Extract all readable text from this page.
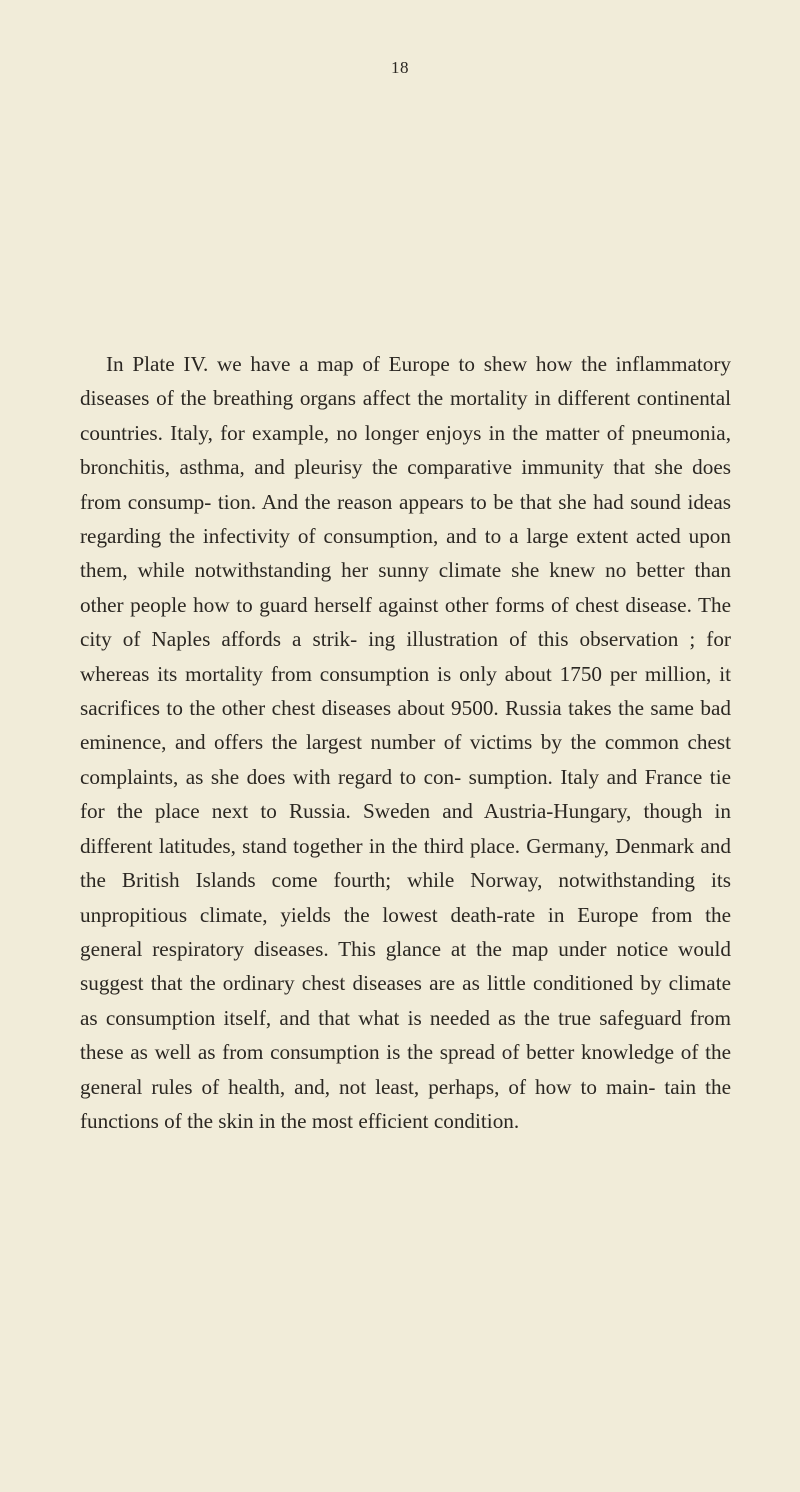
18

In Plate IV. we have a map of Europe to shew how the inflammatory diseases of the breathing organs affect the mortality in different continental countries. Italy, for example, no longer enjoys in the matter of pneumonia, bronchitis, asthma, and pleurisy the comparative immunity that she does from consump- tion. And the reason appears to be that she had sound ideas regarding the infectivity of consumption, and to a large extent acted upon them, while notwithstanding her sunny climate she knew no better than other people how to guard herself against other forms of chest disease. The city of Naples affords a strik- ing illustration of this observation ; for whereas its mortality from consumption is only about 1750 per million, it sacrifices to the other chest diseases about 9500. Russia takes the same bad eminence, and offers the largest number of victims by the common chest complaints, as she does with regard to con- sumption. Italy and France tie for the place next to Russia. Sweden and Austria-Hungary, though in different latitudes, stand together in the third place. Germany, Denmark and the British Islands come fourth; while Norway, notwithstanding its unpropitious climate, yields the lowest death-rate in Europe from the general respiratory diseases. This glance at the map under notice would suggest that the ordinary chest diseases are as little conditioned by climate as consumption itself, and that what is needed as the true safeguard from these as well as from consumption is the spread of better knowledge of the general rules of health, and, not least, perhaps, of how to main- tain the functions of the skin in the most efficient condition.
